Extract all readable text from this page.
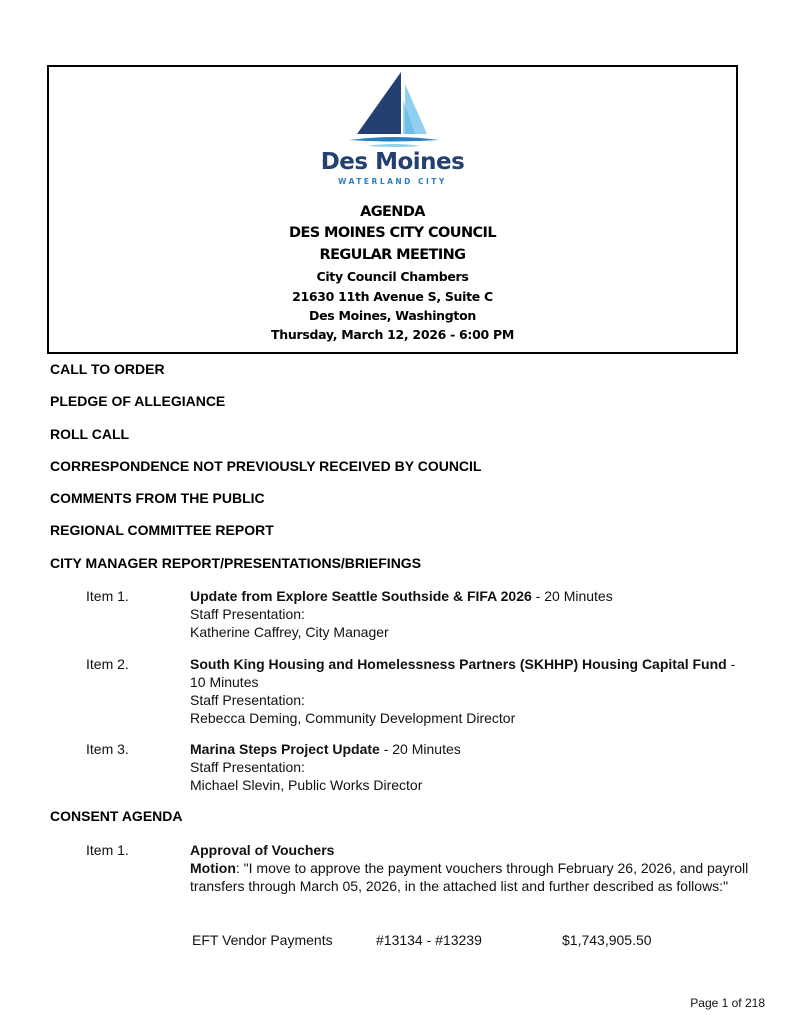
Des Moines
WATERLAND CITY
AGENDA
DES MOINES CITY COUNCIL
REGULAR MEETING
City Council Chambers
21630 11th Avenue S, Suite C
Des Moines, Washington
Thursday, March 12, 2026 - 6:00 PM
CALL TO ORDER
PLEDGE OF ALLEGIANCE
ROLL CALL
CORRESPONDENCE NOT PREVIOUSLY RECEIVED BY COUNCIL
COMMENTS FROM THE PUBLIC
REGIONAL COMMITTEE REPORT
CITY MANAGER REPORT/PRESENTATIONS/BRIEFINGS
Item 1.	Update from Explore Seattle Southside & FIFA 2026 - 20 Minutes
Staff Presentation:
Katherine Caffrey, City Manager
Item 2.	South King Housing and Homelessness Partners (SKHHP) Housing Capital Fund - 10 Minutes
Staff Presentation:
Rebecca Deming, Community Development Director
Item 3.	Marina Steps Project Update - 20 Minutes
Staff Presentation:
Michael Slevin, Public Works Director
CONSENT AGENDA
Item 1.	Approval of Vouchers
Motion: "I move to approve the payment vouchers through February 26, 2026, and payroll transfers through March 05, 2026, in the attached list and further described as follows:"
EFT Vendor Payments	#13134 - #13239	$1,743,905.50
Page 1 of 218
